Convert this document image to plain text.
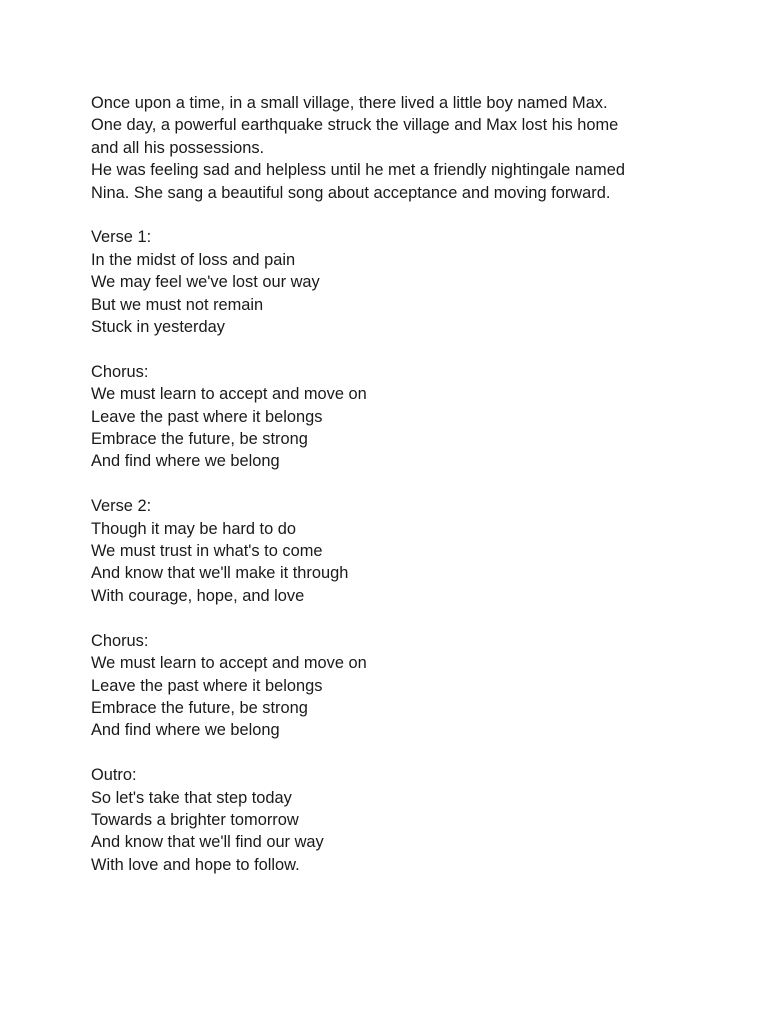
Once upon a time, in a small village, there lived a little boy named Max.
One day, a powerful earthquake struck the village and Max lost his home
and all his possessions.
He was feeling sad and helpless until he met a friendly nightingale named
Nina. She sang a beautiful song about acceptance and moving forward.
Verse 1:
In the midst of loss and pain
We may feel we've lost our way
But we must not remain
Stuck in yesterday
Chorus:
We must learn to accept and move on
Leave the past where it belongs
Embrace the future, be strong
And find where we belong
Verse 2:
Though it may be hard to do
We must trust in what's to come
And know that we'll make it through
With courage, hope, and love
Chorus:
We must learn to accept and move on
Leave the past where it belongs
Embrace the future, be strong
And find where we belong
Outro:
So let's take that step today
Towards a brighter tomorrow
And know that we'll find our way
With love and hope to follow.
